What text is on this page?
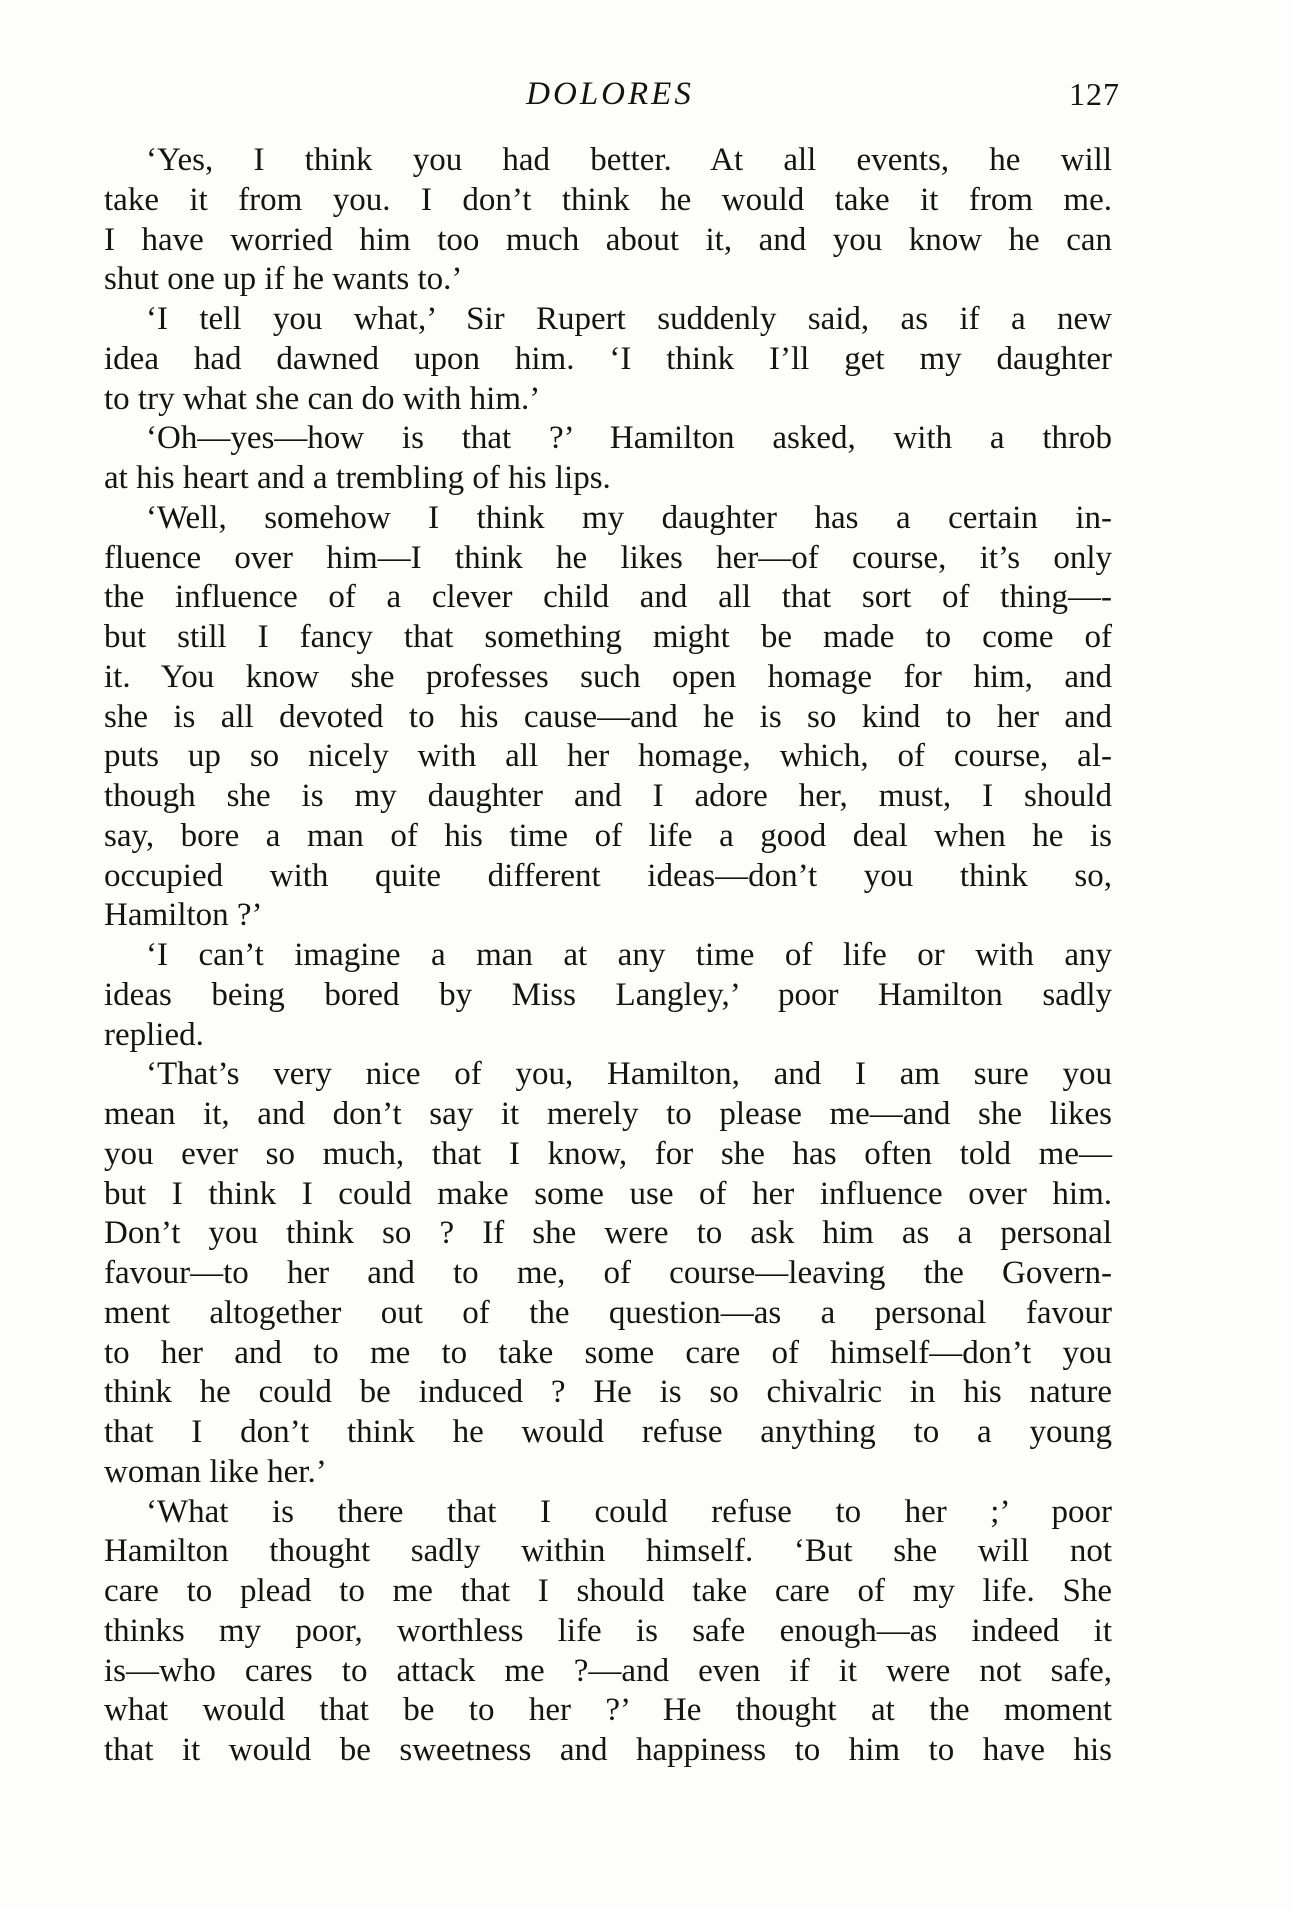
DOLORES	127
‘Yes, I think you had better. At all events, he will
take it from you. I don’t think he would take it from me.
I have worried him too much about it, and you know he can
shut one up if he wants to.’
‘I tell you what,’ Sir Rupert suddenly said, as if a new
idea had dawned upon him. ‘I think I’ll get my daughter
to try what she can do with him.’
‘Oh—yes—how is that ?’ Hamilton asked, with a throb
at his heart and a trembling of his lips.
‘Well, somehow I think my daughter has a certain in-
fluence over him—I think he likes her—of course, it’s only
the influence of a clever child and all that sort of thing—-
but still I fancy that something might be made to come of
it. You know she professes such open homage for him, and
she is all devoted to his cause—and he is so kind to her and
puts up so nicely with all her homage, which, of course, al-
though she is my daughter and I adore her, must, I should
say, bore a man of his time of life a good deal when he is
occupied with quite different ideas—don’t you think so,
Hamilton ?’
‘I can’t imagine a man at any time of life or with any
ideas being bored by Miss Langley,’ poor Hamilton sadly
replied.
‘That’s very nice of you, Hamilton, and I am sure you
mean it, and don’t say it merely to please me—and she likes
you ever so much, that I know, for she has often told me—
but I think I could make some use of her influence over him.
Don’t you think so ? If she were to ask him as a personal
favour—to her and to me, of course—leaving the Govern-
ment altogether out of the question—as a personal favour
to her and to me to take some care of himself—don’t you
think he could be induced ? He is so chivalric in his nature
that I don’t think he would refuse anything to a young
woman like her.’
‘What is there that I could refuse to her ;’ poor
Hamilton thought sadly within himself. ‘But she will not
care to plead to me that I should take care of my life. She
thinks my poor, worthless life is safe enough—as indeed it
is—who cares to attack me ?—and even if it were not safe,
what would that be to her ?’ He thought at the moment
that it would be sweetness and happiness to him to have his
